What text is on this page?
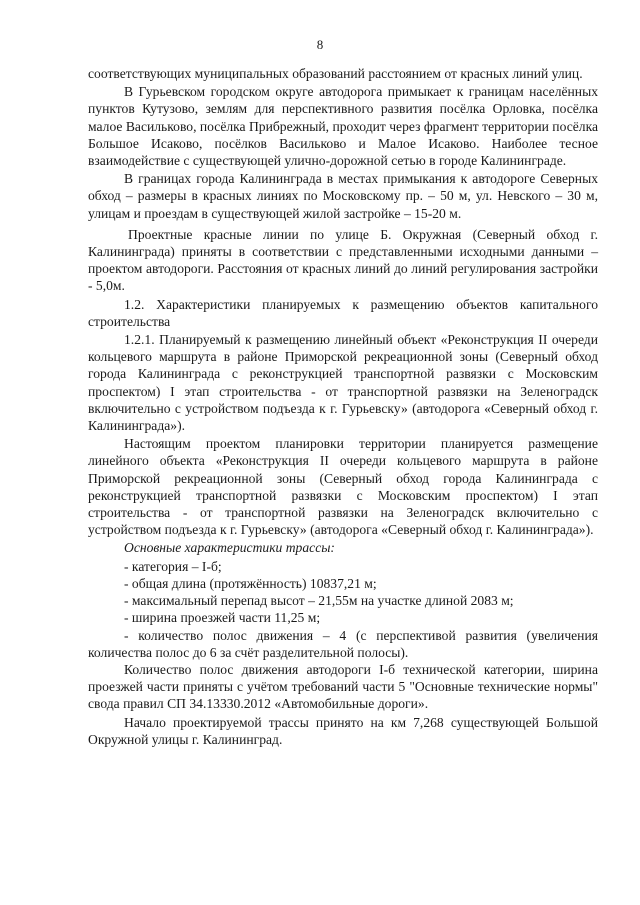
8

соответствующих муниципальных образований расстоянием от красных линий улиц.

В Гурьевском городском округе автодорога примыкает к границам населённых пунктов Кутузово, землям для перспективного развития посёлка Орловка, посёлка малое Васильково, посёлка Прибрежный, проходит через фрагмент территории посёлка Большое Исаково, посёлков Васильково и Малое Исаково. Наиболее тесное взаимодействие с существующей улично-дорожной сетью в городе Калининграде.

В границах города Калининграда в местах примыкания к автодороге Северных обход – размеры в красных линиях по Московскому пр. – 50 м, ул. Невского – 30 м, улицам и проездам в существующей жилой застройке – 15-20 м.

Проектные красные линии по улице Б. Окружная (Северный обход г. Калининграда) приняты в соответствии с представленными исходными данными – проектом автодороги. Расстояния от красных линий до линий регулирования застройки - 5,0м.

1.2. Характеристики планируемых к размещению объектов капитального строительства

1.2.1. Планируемый к размещению линейный объект «Реконструкция II очереди кольцевого маршрута в районе Приморской рекреационной зоны (Северный обход города Калининграда с реконструкцией транспортной развязки с Московским проспектом) I этап строительства - от транспортной развязки на Зеленоградск включительно с устройством подъезда к г. Гурьевску» (автодорога «Северный обход г. Калининграда»).

Настоящим проектом планировки территории планируется размещение линейного объекта «Реконструкция II очереди кольцевого маршрута в районе Приморской рекреационной зоны (Северный обход города Калининграда с реконструкцией транспортной развязки с Московским проспектом) I этап строительства - от транспортной развязки на Зеленоградск включительно с устройством подъезда к г. Гурьевску» (автодорога «Северный обход г. Калининграда»).

Основные характеристики трассы:

- категория – I-б;

- общая длина (протяжённость) 10837,21 м;

- максимальный перепад высот – 21,55м на участке длиной 2083 м;

- ширина проезжей части 11,25 м;

- количество полос движения – 4 (с перспективой развития (увеличения количества полос до 6 за счёт разделительной полосы).

Количество полос движения автодороги I-б технической категории, ширина проезжей части приняты с учётом требований части 5 "Основные технические нормы" свода правил СП 34.13330.2012 «Автомобильные дороги».

Начало проектируемой трассы принято на км 7,268 существующей Большой Окружной улицы г. Калининград.
